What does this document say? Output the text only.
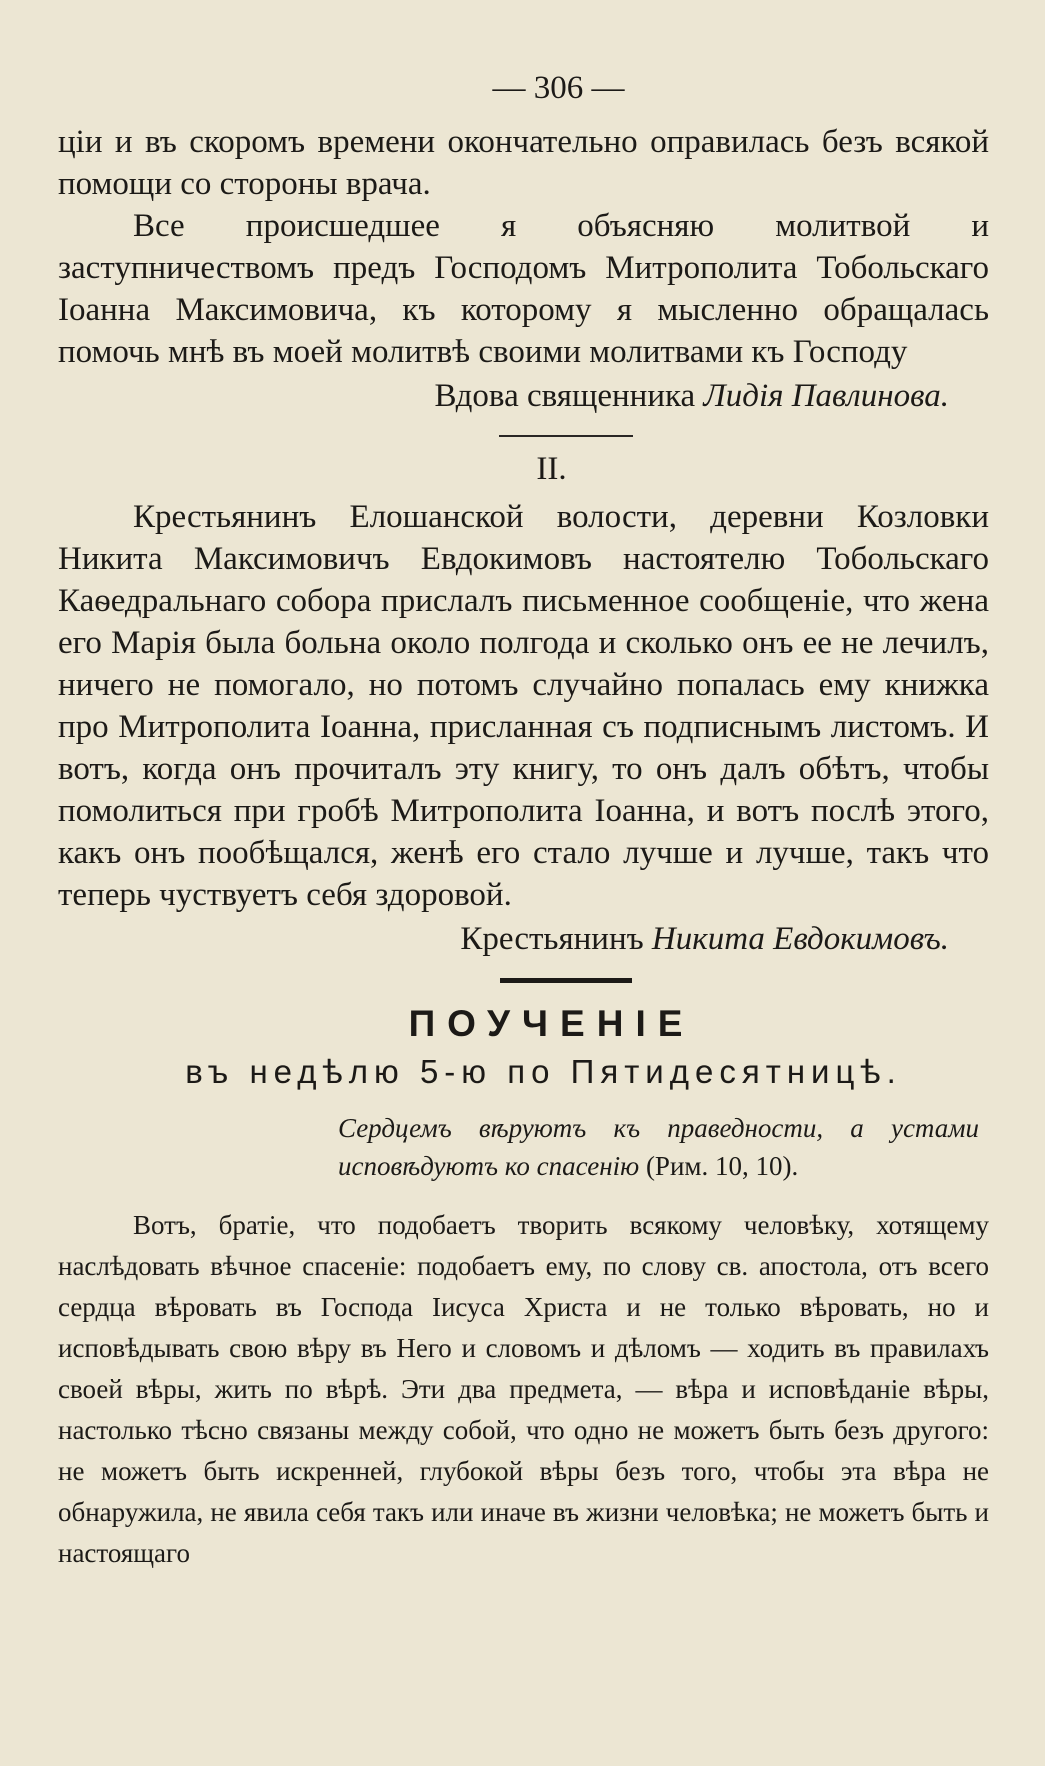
— 306 —

ціи и въ скоромъ времени окончательно оправилась безъ всякой помощи со стороны врача.

Все происшедшее я объясняю молитвой и заступничествомъ предъ Господомъ Митрополита Тобольскаго Іоанна Максимовича, къ которому я мысленно обращалась помочь мнѣ въ моей молитвѣ своими молитвами къ Господу

Вдова священника Лидія Павлинова.
II.

Крестьянинъ Елошанской волости, деревни Козловки Никита Максимовичъ Евдокимовъ настоятелю Тобольскаго Каѳедральнаго собора прислалъ письменное сообщеніе, что жена его Марія была больна около полгода и сколько онъ ее не лечилъ, ничего не помогало, но потомъ случайно попалась ему книжка про Митрополита Іоанна, присланная съ подписнымъ листомъ. И вотъ, когда онъ прочиталъ эту книгу, то онъ далъ обѣтъ, чтобы помолиться при гробѣ Митрополита Іоанна, и вотъ послѣ этого, какъ онъ пообѣщался, женѣ его стало лучше и лучше, такъ что теперь чуствуетъ себя здоровой.

Крестьянинъ Никита Евдокимовъ.
ПОУЧЕНІЕ
въ недѣлю 5-ю по Пятидесятницѣ.
Сердцемъ вѣруютъ къ праведности, а устами исповѣдуютъ ко спасенію (Рим. 10, 10).

Вотъ, братіе, что подобаетъ творить всякому человѣку, хотящему наслѣдовать вѣчное спасеніе: подобаетъ ему, по слову св. апостола, отъ всего сердца вѣровать въ Господа Іисуса Христа и не только вѣровать, но и исповѣдывать свою вѣру въ Него и словомъ и дѣломъ — ходить въ правилахъ своей вѣры, жить по вѣрѣ. Эти два предмета, — вѣра и исповѣданіе вѣры, настолько тѣсно связаны между собой, что одно не можетъ быть безъ другого: не можетъ быть искренней, глубокой вѣры безъ того, чтобы эта вѣра не обнаружила, не явила себя такъ или иначе въ жизни человѣка; не можетъ быть и настоящаго
